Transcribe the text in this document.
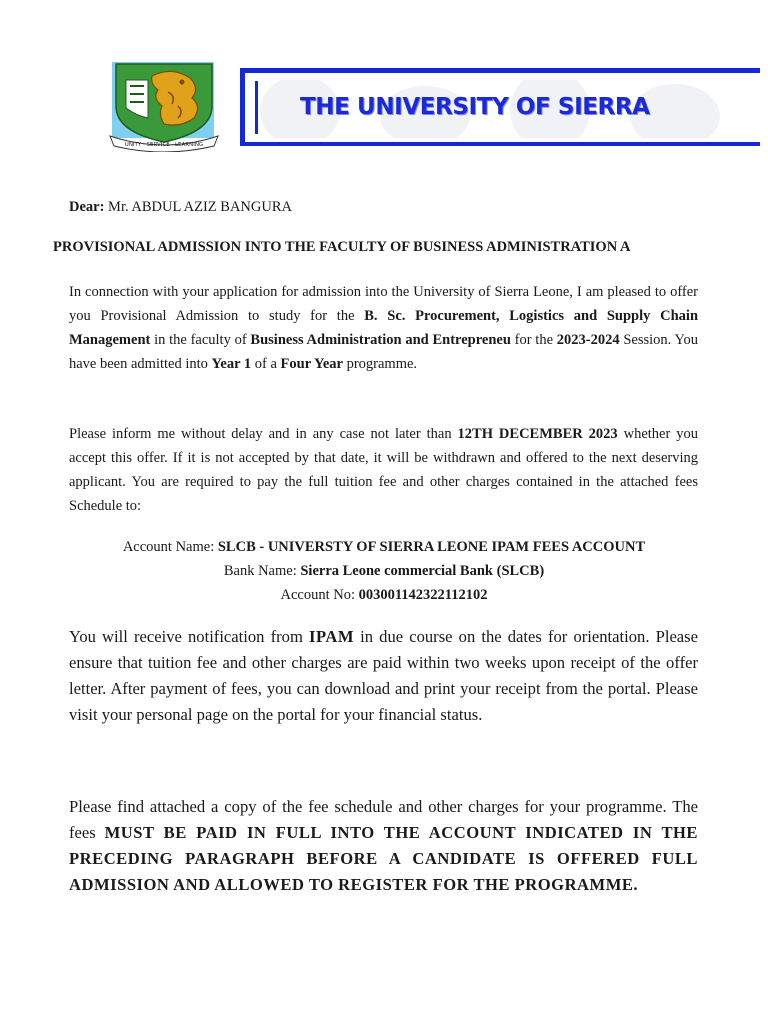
UNITY · SERVICE · LEARNING
THE UNIVERSITY OF SIERRA
Dear: Mr. ABDUL AZIZ BANGURA
PROVISIONAL ADMISSION INTO THE FACULTY OF BUSINESS ADMINISTRATION A
In connection with your application for admission into the University of Sierra Leone, I am pleased to offer you Provisional Admission to study for the B. Sc. Procurement, Logistics and Supply Chain Management in the faculty of Business Administration and Entrepreneu for the 2023-2024 Session. You have been admitted into Year 1 of a Four Year programme.
Please inform me without delay and in any case not later than 12TH DECEMBER 2023 whether you accept this offer. If it is not accepted by that date, it will be withdrawn and offered to the next deserving applicant. You are required to pay the full tuition fee and other charges contained in the attached fees Schedule to:
Account Name: SLCB - UNIVERSTY OF SIERRA LEONE IPAM FEES ACCOUNT
Bank Name: Sierra Leone commercial Bank (SLCB)
Account No: 003001142322112102
You will receive notification from IPAM in due course on the dates for orientation. Please ensure that tuition fee and other charges are paid within two weeks upon receipt of the offer letter. After payment of fees, you can download and print your receipt from the portal. Please visit your personal page on the portal for your financial status.
Please find attached a copy of the fee schedule and other charges for your programme. The fees MUST BE PAID IN FULL INTO THE ACCOUNT INDICATED IN THE PRECEDING PARAGRAPH BEFORE A CANDIDATE IS OFFERED FULL ADMISSION AND ALLOWED TO REGISTER FOR THE PROGRAMME.
